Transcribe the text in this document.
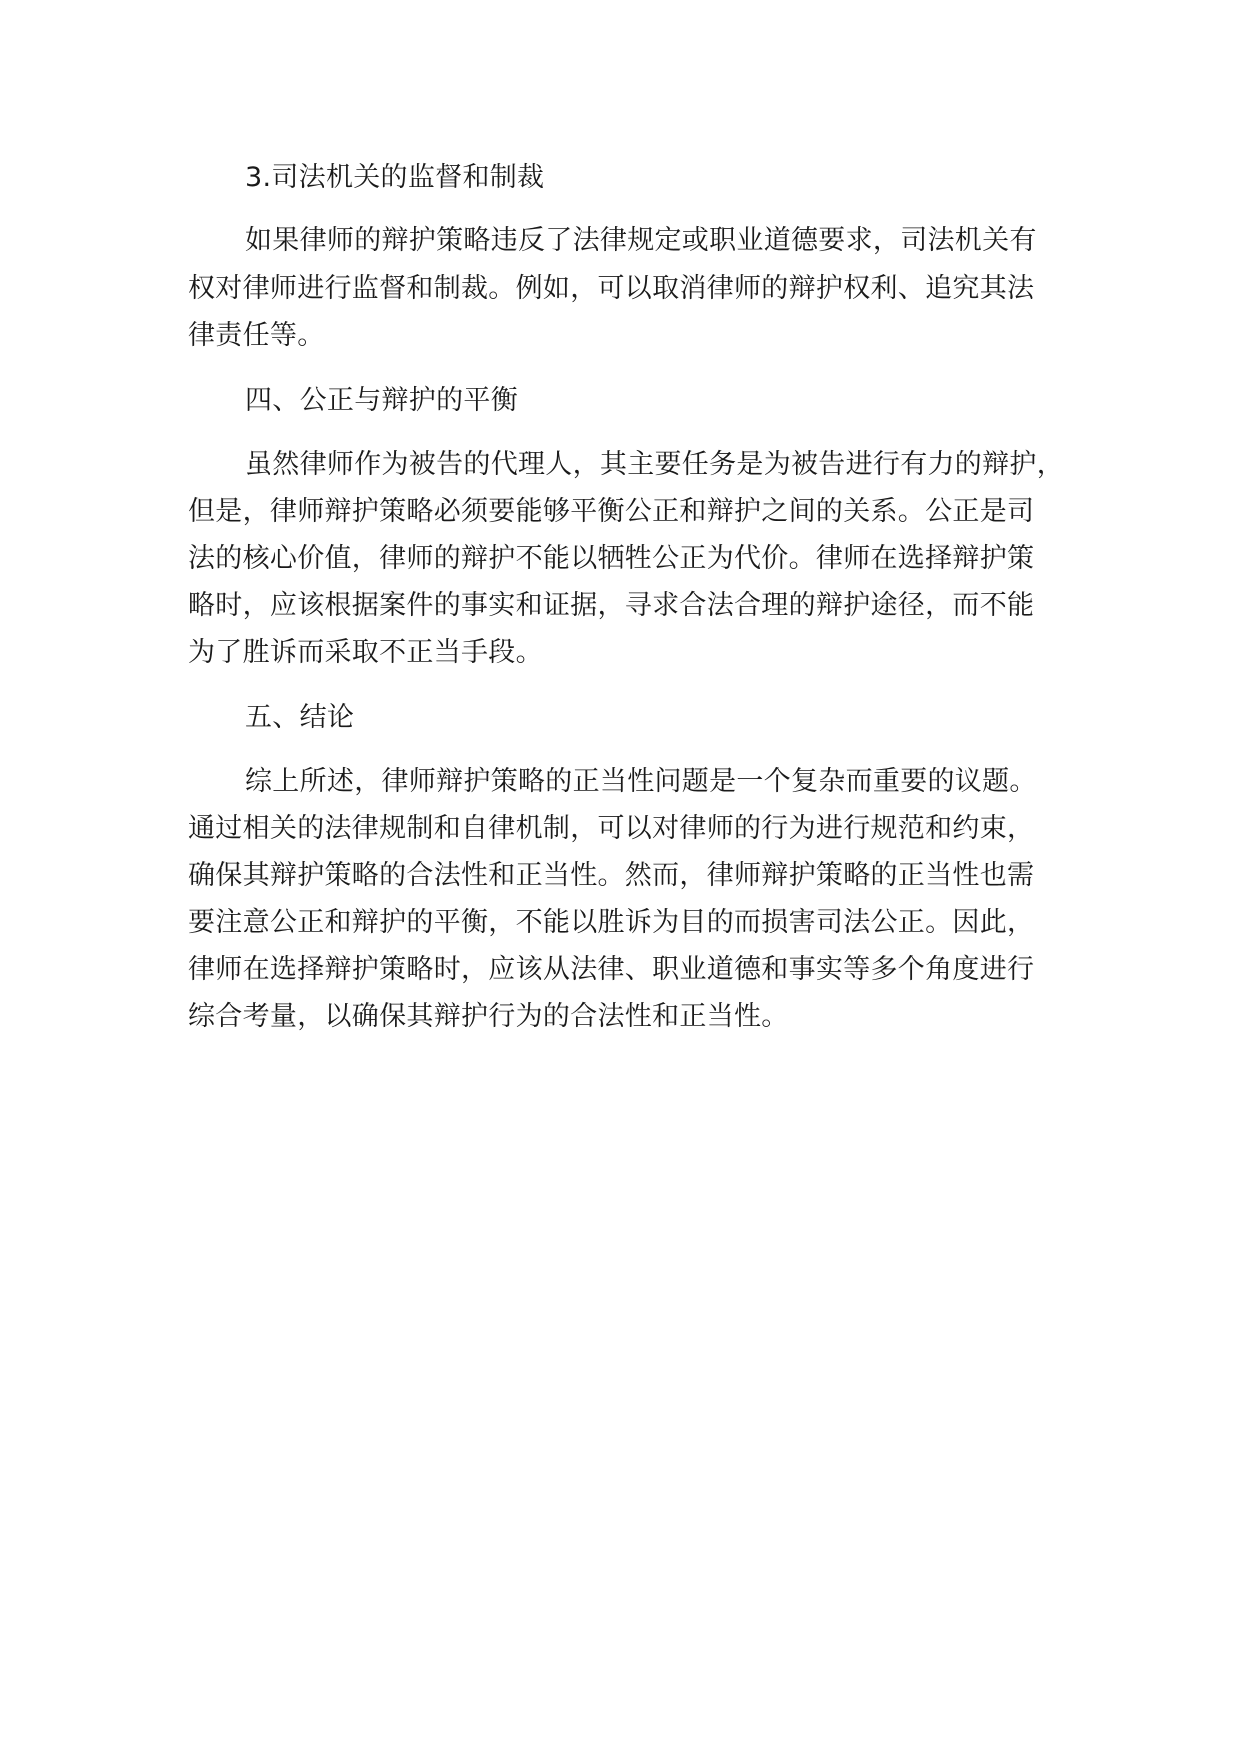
3.司法机关的监督和制裁

如果律师的辩护策略违反了法律规定或职业道德要求，司法机关有

权对律师进行监督和制裁。例如，可以取消律师的辩护权利、追究其法

律责任等。

四、公正与辩护的平衡

虽然律师作为被告的代理人，其主要任务是为被告进行有力的辩护，

但是，律师辩护策略必须要能够平衡公正和辩护之间的关系。公正是司

法的核心价值，律师的辩护不能以牺牲公正为代价。律师在选择辩护策

略时，应该根据案件的事实和证据，寻求合法合理的辩护途径，而不能

为了胜诉而采取不正当手段。

五、结论

综上所述，律师辩护策略的正当性问题是一个复杂而重要的议题。

通过相关的法律规制和自律机制，可以对律师的行为进行规范和约束，

确保其辩护策略的合法性和正当性。然而，律师辩护策略的正当性也需

要注意公正和辩护的平衡，不能以胜诉为目的而损害司法公正。因此，

律师在选择辩护策略时，应该从法律、职业道德和事实等多个角度进行

综合考量，以确保其辩护行为的合法性和正当性。
